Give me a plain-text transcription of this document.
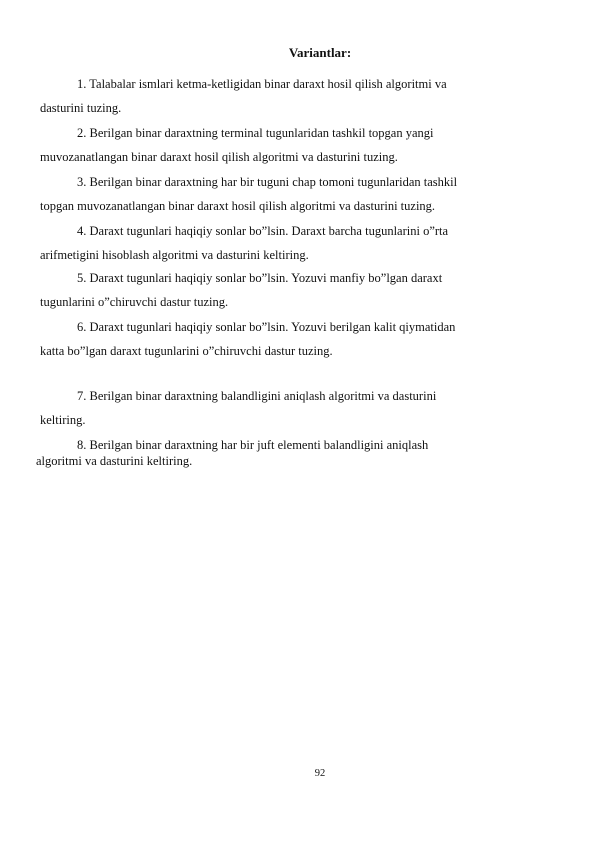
Variantlar:
1. Talabalar ismlari ketma-ketligidan binar daraxt hosil qilish algoritmi va
dasturini tuzing.
2. Berilgan binar daraxtning terminal tugunlaridan tashkil topgan yangi
muvozanatlangan binar daraxt hosil qilish algoritmi va dasturini tuzing.
3. Berilgan binar daraxtning har bir tuguni chap tomoni tugunlaridan tashkil
topgan muvozanatlangan binar daraxt hosil qilish algoritmi va dasturini tuzing.
4. Daraxt tugunlari haqiqiy sonlar bo”lsin. Daraxt barcha tugunlarini o”rta
arifmetigini hisoblash algoritmi va dasturini keltiring.
5. Daraxt tugunlari haqiqiy sonlar bo”lsin. Yozuvi manfiy bo”lgan daraxt
tugunlarini o”chiruvchi dastur tuzing.
6. Daraxt tugunlari haqiqiy sonlar bo”lsin. Yozuvi berilgan kalit qiymatidan
katta bo”lgan daraxt tugunlarini o”chiruvchi dastur tuzing.
7. Berilgan binar daraxtning balandligini aniqlash algoritmi va dasturini
keltiring.
8. Berilgan binar daraxtning har bir juft elementi balandligini aniqlash
algoritmi va dasturini keltiring.
92
